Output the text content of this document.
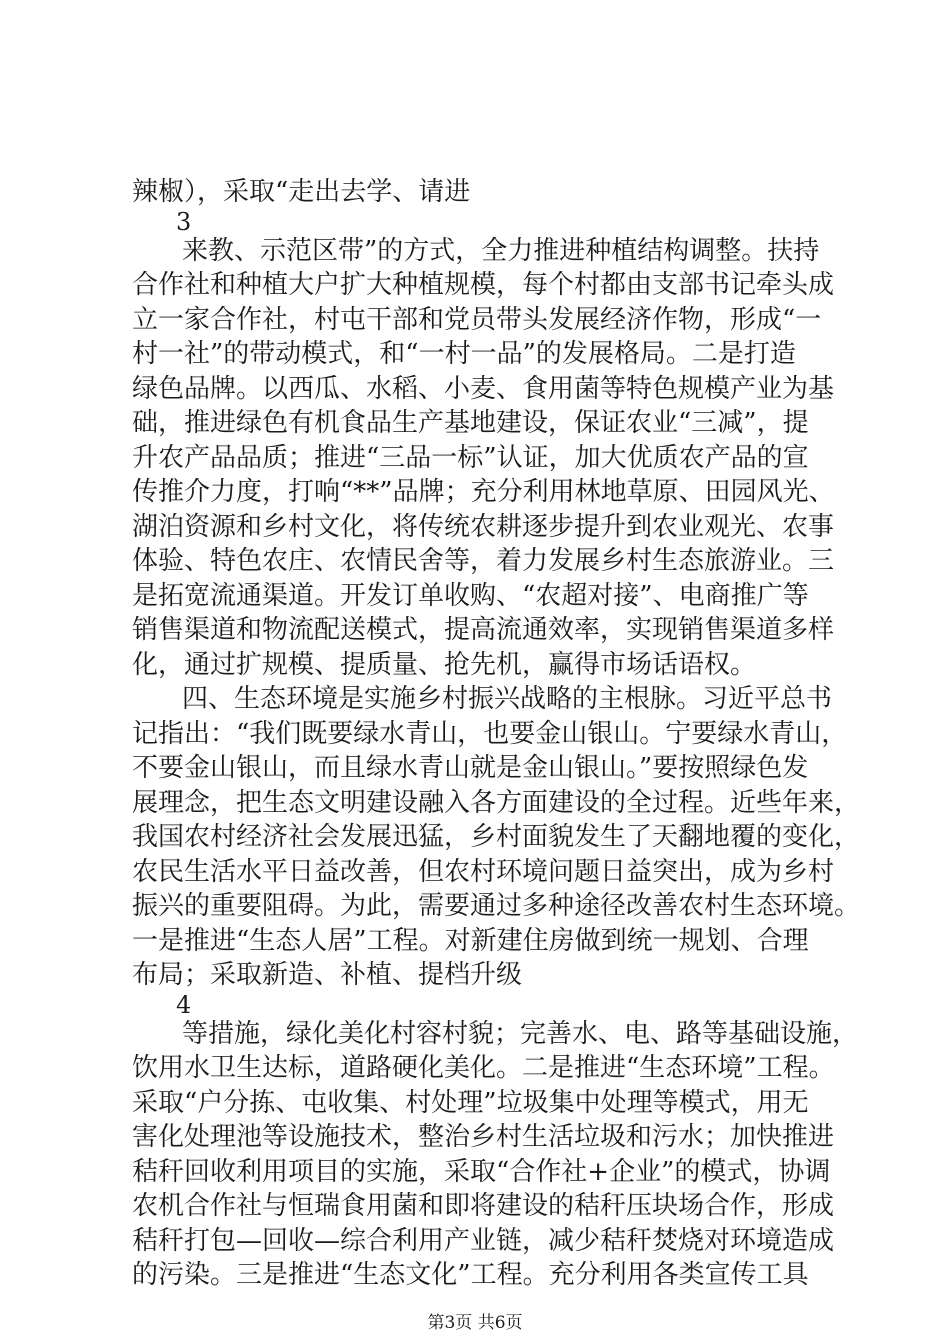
辣椒），采取“走出去学、请进
3
来教、示范区带”的方式，全力推进种植结构调整。扶持
合作社和种植大户扩大种植规模，每个村都由支部书记牵头成
立一家合作社，村屯干部和党员带头发展经济作物，形成“一
村一社”的带动模式，和“一村一品”的发展格局。二是打造
绿色品牌。以西瓜、水稻、小麦、食用菌等特色规模产业为基
础，推进绿色有机食品生产基地建设，保证农业“三减”，提
升农产品品质；推进“三品一标”认证，加大优质农产品的宣
传推介力度，打响“**”品牌；充分利用林地草原、田园风光、
湖泊资源和乡村文化，将传统农耕逐步提升到农业观光、农事
体验、特色农庄、农情民舍等，着力发展乡村生态旅游业。三
是拓宽流通渠道。开发订单收购、“农超对接”、电商推广等
销售渠道和物流配送模式，提高流通效率，实现销售渠道多样
化，通过扩规模、提质量、抢先机，赢得市场话语权。
四、生态环境是实施乡村振兴战略的主根脉。习近平总书
记指出：“我们既要绿水青山，也要金山银山。宁要绿水青山，
不要金山银山，而且绿水青山就是金山银山。”要按照绿色发
展理念，把生态文明建设融入各方面建设的全过程。近些年来，
我国农村经济社会发展迅猛，乡村面貌发生了天翻地覆的变化，
农民生活水平日益改善，但农村环境问题日益突出，成为乡村
振兴的重要阻碍。为此，需要通过多种途径改善农村生态环境。
一是推进“生态人居”工程。对新建住房做到统一规划、合理
布局；采取新造、补植、提档升级
4
等措施，绿化美化村容村貌；完善水、电、路等基础设施，
饮用水卫生达标，道路硬化美化。二是推进“生态环境”工程。
采取“户分拣、屯收集、村处理”垃圾集中处理等模式，用无
害化处理池等设施技术，整治乡村生活垃圾和污水；加快推进
秸秆回收利用项目的实施，采取“合作社+企业”的模式，协调
农机合作社与恒瑞食用菌和即将建设的秸秆压块场合作，形成
秸秆打包—回收—综合利用产业链，减少秸秆焚烧对环境造成
的污染。三是推进“生态文化”工程。充分利用各类宣传工具
第3页 共6页
